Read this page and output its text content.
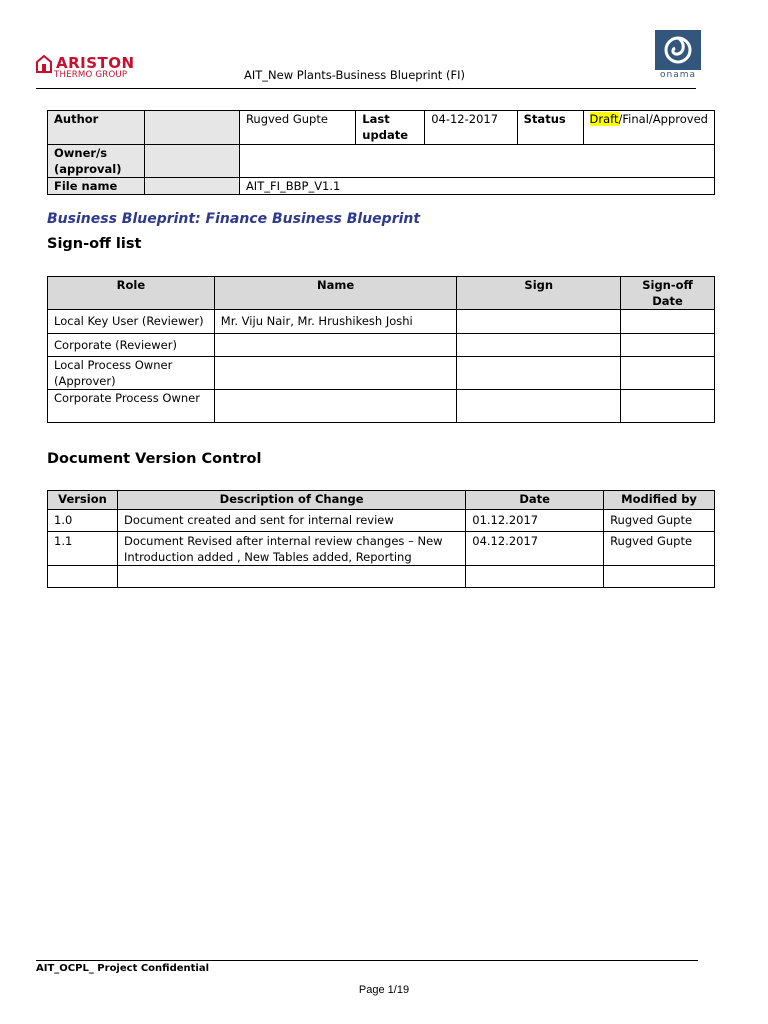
ARISTON
THERMO GROUP	AIT_New Plants-Business Blueprint (FI)	onama
Author		Rugved Gupte	Last update	04-12-2017	Status	Draft/Final/Approved
Owner/s (approval)						
File name		AIT_FI_BBP_V1.1				
Business Blueprint: Finance Business Blueprint
Sign-off list
Role	Name	Sign	Sign-off Date
Local Key User (Reviewer)	Mr. Viju Nair, Mr. Hrushikesh Joshi		
Corporate (Reviewer)			
Local Process Owner (Approver)			
Corporate Process Owner			
Document Version Control
Version	Description of Change	Date	Modified by
1.0	Document created and sent for internal review	01.12.2017	Rugved Gupte
1.1	Document Revised after internal review changes – New Introduction added , New Tables added, Reporting	04.12.2017	Rugved Gupte

AIT_OCPL_ Project Confidential
Page 1/19
